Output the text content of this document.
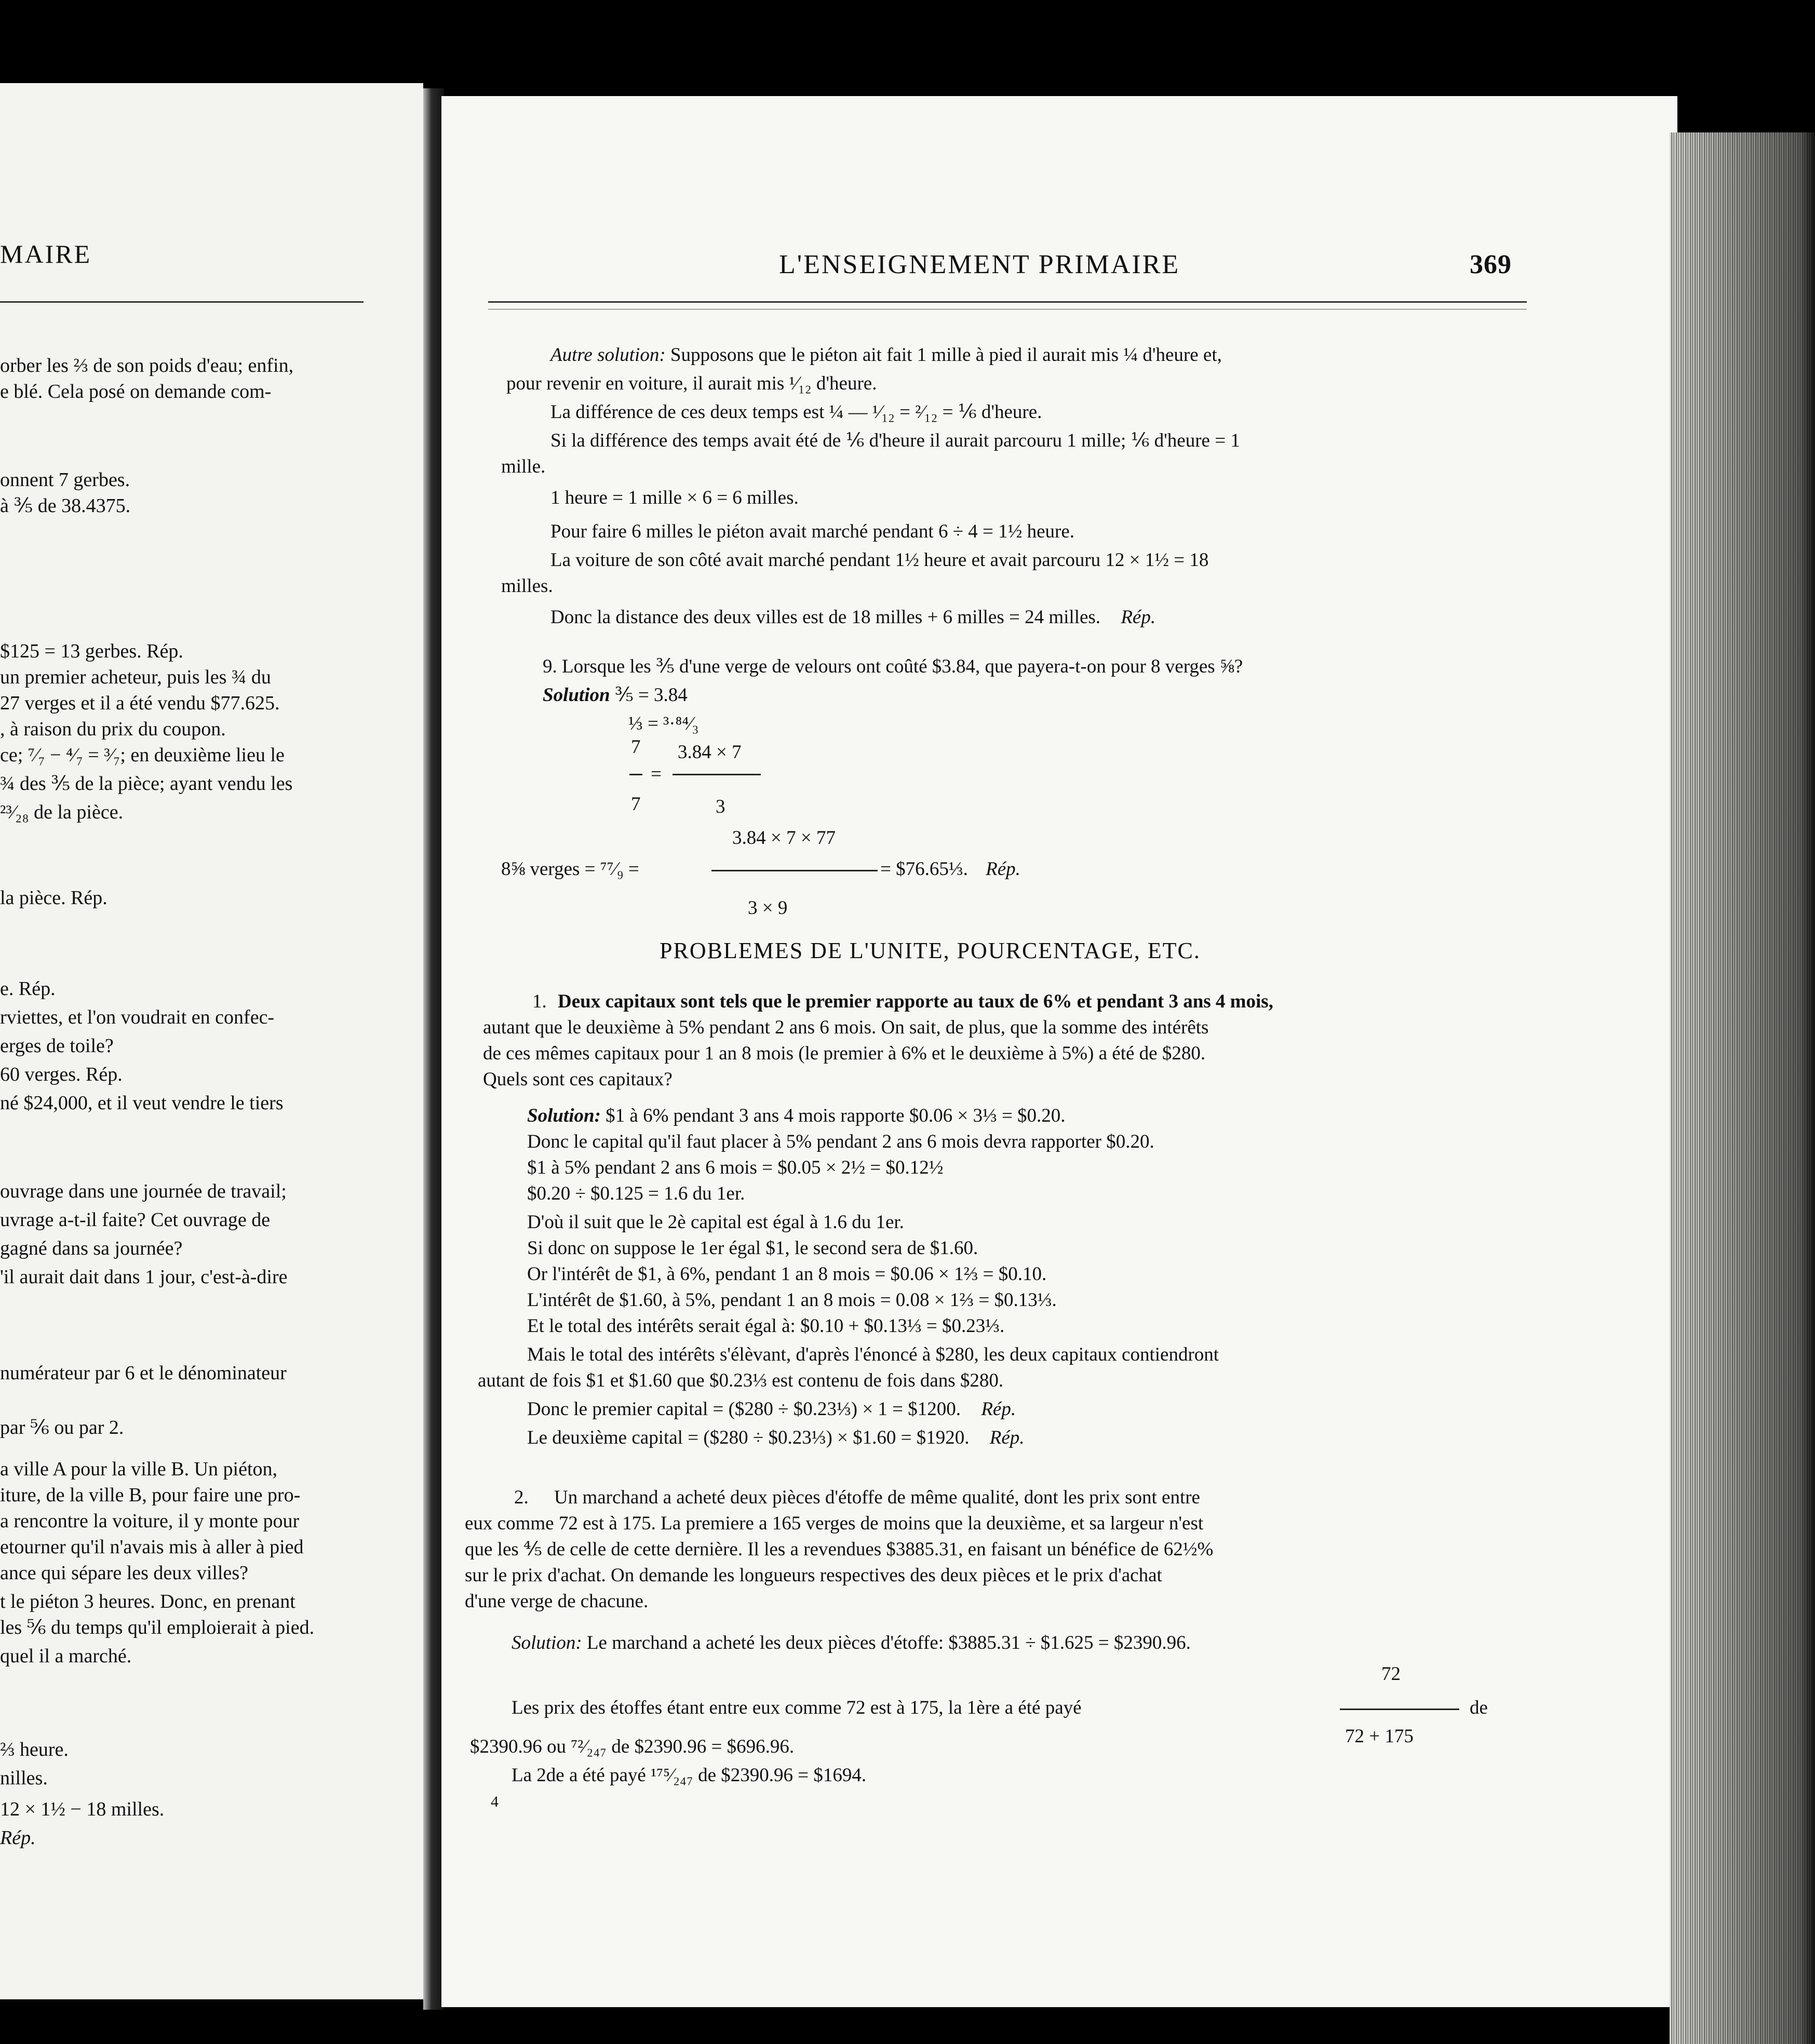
MAIRE
orber les ⅔ de son poids d'eau; enfin,
e blé. Cela posé on demande com-
onnent 7 gerbes.
à ⅗ de 38.4375.
$125 = 13 gerbes. Rép.
un premier acheteur, puis les ¾ du
27 verges et il a été vendu $77.625.
, à raison du prix du coupon.
ce; ⁷⁄₇ − ⁴⁄₇ = ³⁄₇; en deuxième lieu le
¾ des ⅗ de la pièce; ayant vendu les
²³⁄₂₈ de la pièce.
la pièce. Rép.
e. Rép.
rviettes, et l'on voudrait en confec-
erges de toile?
60 verges. Rép.
né $24,000, et il veut vendre le tiers
ouvrage dans une journée de travail;
uvrage a-t-il faite? Cet ouvrage de
gagné dans sa journée?
'il aurait dait dans 1 jour, c'est-à-dire
numérateur par 6 et le dénominateur
par ⅚ ou par 2.
a ville A pour la ville B. Un piéton,
iture, de la ville B, pour faire une pro-
a rencontre la voiture, il y monte pour
etourner qu'il n'avais mis à aller à pied
ance qui sépare les deux villes?
t le piéton 3 heures. Donc, en prenant
les ⅚ du temps qu'il emploierait à pied.
quel il a marché.
⅔ heure.
nilles.
12 × 1½ − 18 milles.
Rép.
L'ENSEIGNEMENT PRIMAIRE	369
Autre solution: Supposons que le piéton ait fait 1 mille à pied il aurait mis ¼ d'heure et,
pour revenir en voiture, il aurait mis ¹⁄₁₂ d'heure.
La différence de ces deux temps est ¼ — ¹⁄₁₂ = ²⁄₁₂ = ⅙ d'heure.
Si la différence des temps avait été de ⅙ d'heure il aurait parcouru 1 mille; ⅙ d'heure = 1
mille.
1 heure = 1 mille × 6 = 6 milles.
Pour faire 6 milles le piéton avait marché pendant 6 ÷ 4 = 1½ heure.
La voiture de son côté avait marché pendant 1½ heure et avait parcouru 12 × 1½ = 18
milles.
Donc la distance des deux villes est de 18 milles + 6 milles = 24 milles. Rép.
9. Lorsque les ⅗ d'une verge de velours ont coûté $3.84, que payera-t-on pour 8 verges ⅝?
Solution ⅗ = 3.84
⅓ = ³·⁸⁴⁄₃
7 3.84 × 7
=
7	3
3.84 × 7 × 77
8⅝ verges = ⁷⁷⁄₉ =	= $76.65⅓. Rép.
3 × 9
PROBLEMES DE L'UNITE, POURCENTAGE, ETC.
1. Deux capitaux sont tels que le premier rapporte au taux de 6% et pendant 3 ans 4 mois,
autant que le deuxième à 5% pendant 2 ans 6 mois. On sait, de plus, que la somme des intérêts
de ces mêmes capitaux pour 1 an 8 mois (le premier à 6% et le deuxième à 5%) a été de $280.
Quels sont ces capitaux?
Solution: $1 à 6% pendant 3 ans 4 mois rapporte $0.06 × 3⅓ = $0.20.
Donc le capital qu'il faut placer à 5% pendant 2 ans 6 mois devra rapporter $0.20.
$1 à 5% pendant 2 ans 6 mois = $0.05 × 2½ = $0.12½
$0.20 ÷ $0.125 = 1.6 du 1er.
D'où il suit que le 2è capital est égal à 1.6 du 1er.
Si donc on suppose le 1er égal $1, le second sera de $1.60.
Or l'intérêt de $1, à 6%, pendant 1 an 8 mois = $0.06 × 1⅔ = $0.10.
L'intérêt de $1.60, à 5%, pendant 1 an 8 mois = 0.08 × 1⅔ = $0.13⅓.
Et le total des intérêts serait égal à: $0.10 + $0.13⅓ = $0.23⅓.
Mais le total des intérêts s'élèvant, d'après l'énoncé à $280, les deux capitaux contiendront
autant de fois $1 et $1.60 que $0.23⅓ est contenu de fois dans $280.
Donc le premier capital = ($280 ÷ $0.23⅓) × 1 = $1200. Rép.
Le deuxième capital = ($280 ÷ $0.23⅓) × $1.60 = $1920. Rép.
2. Un marchand a acheté deux pièces d'étoffe de même qualité, dont les prix sont entre
eux comme 72 est à 175. La premiere a 165 verges de moins que la deuxième, et sa largeur n'est
que les ⅘ de celle de cette dernière. Il les a revendues $3885.31, en faisant un bénéfice de 62½%
sur le prix d'achat. On demande les longueurs respectives des deux pièces et le prix d'achat
d'une verge de chacune.
Solution: Le marchand a acheté les deux pièces d'étoffe: $3885.31 ÷ $1.625 = $2390.96.
72
Les prix des étoffes étant entre eux comme 72 est à 175, la 1ère a été payé	de
72 + 175
$2390.96 ou ⁷²⁄₂₄₇ de $2390.96 = $696.96.
La 2de a été payé ¹⁷⁵⁄₂₄₇ de $2390.96 = $1694.
4
